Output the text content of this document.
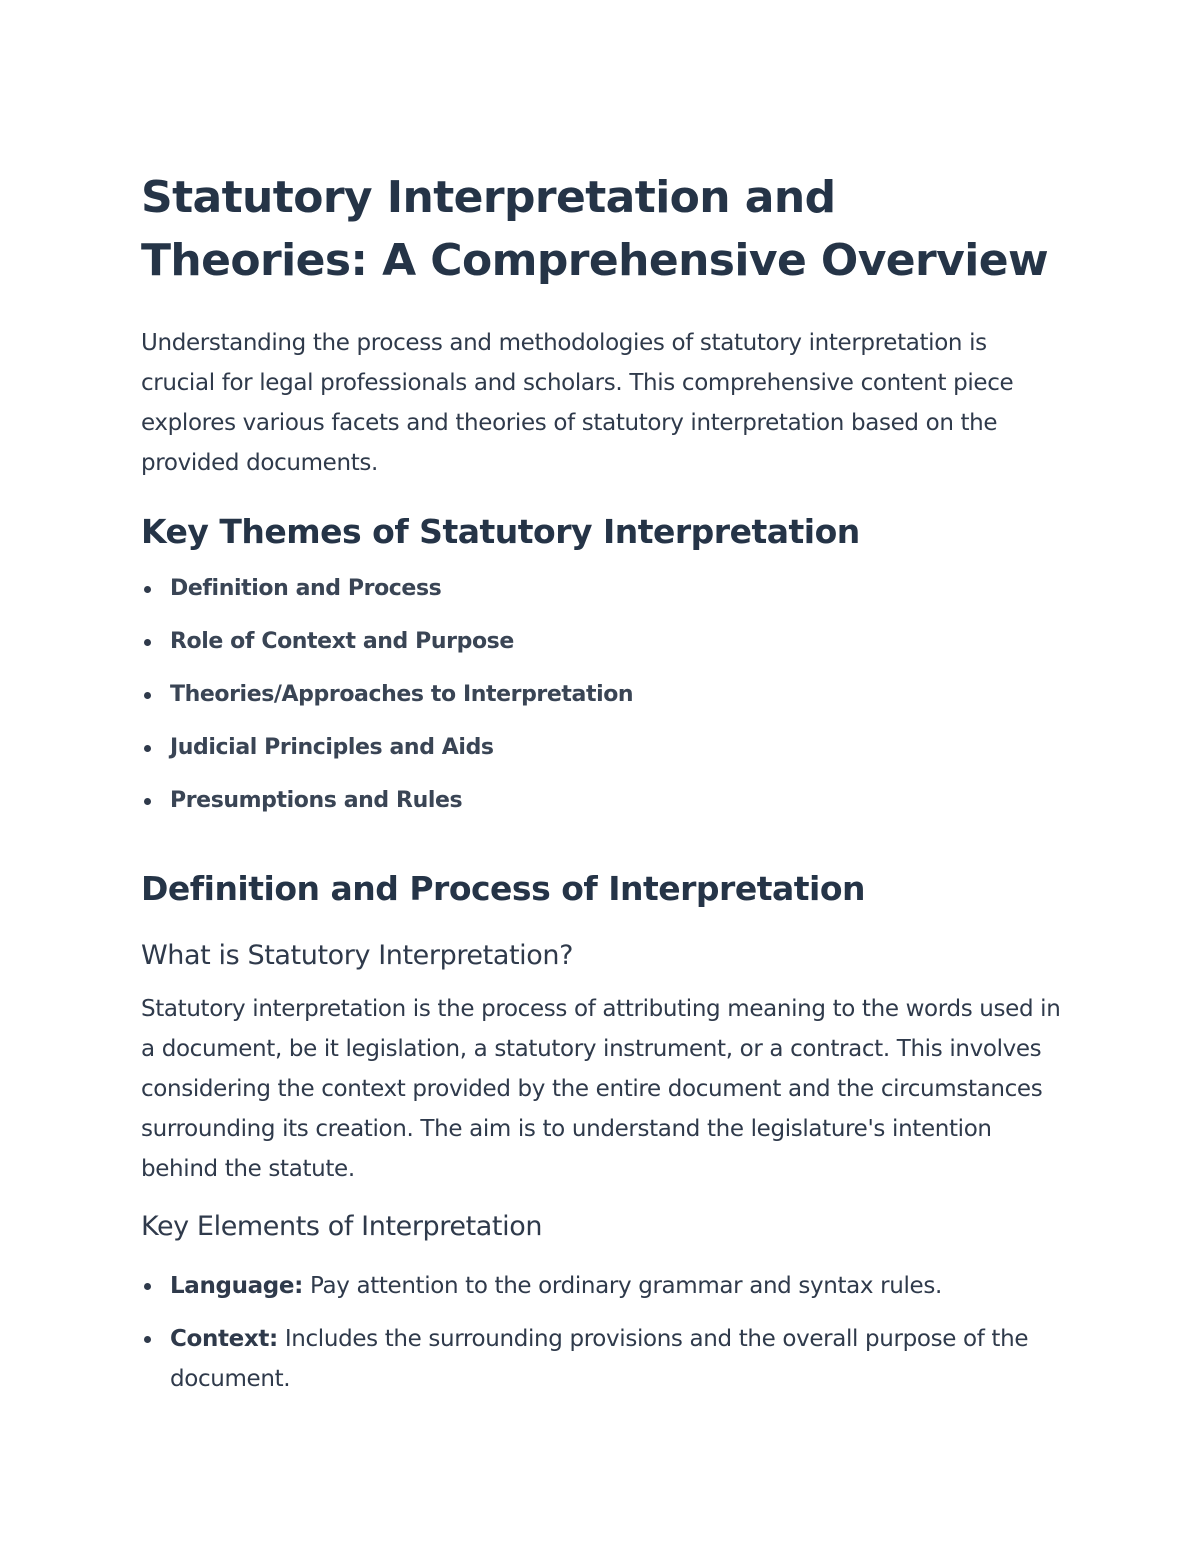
Statutory Interpretation and Theories: A Comprehensive Overview

Understanding the process and methodologies of statutory interpretation is crucial for legal professionals and scholars. This comprehensive content piece explores various facets and theories of statutory interpretation based on the provided documents.

Key Themes of Statutory Interpretation
Definition and Process
Role of Context and Purpose
Theories/Approaches to Interpretation
Judicial Principles and Aids
Presumptions and Rules
Definition and Process of Interpretation
What is Statutory Interpretation?

Statutory interpretation is the process of attributing meaning to the words used in a document, be it legislation, a statutory instrument, or a contract. This involves considering the context provided by the entire document and the circumstances surrounding its creation. The aim is to understand the legislature's intention behind the statute.

Key Elements of Interpretation
Language: Pay attention to the ordinary grammar and syntax rules.
Context: Includes the surrounding provisions and the overall purpose of the document.
